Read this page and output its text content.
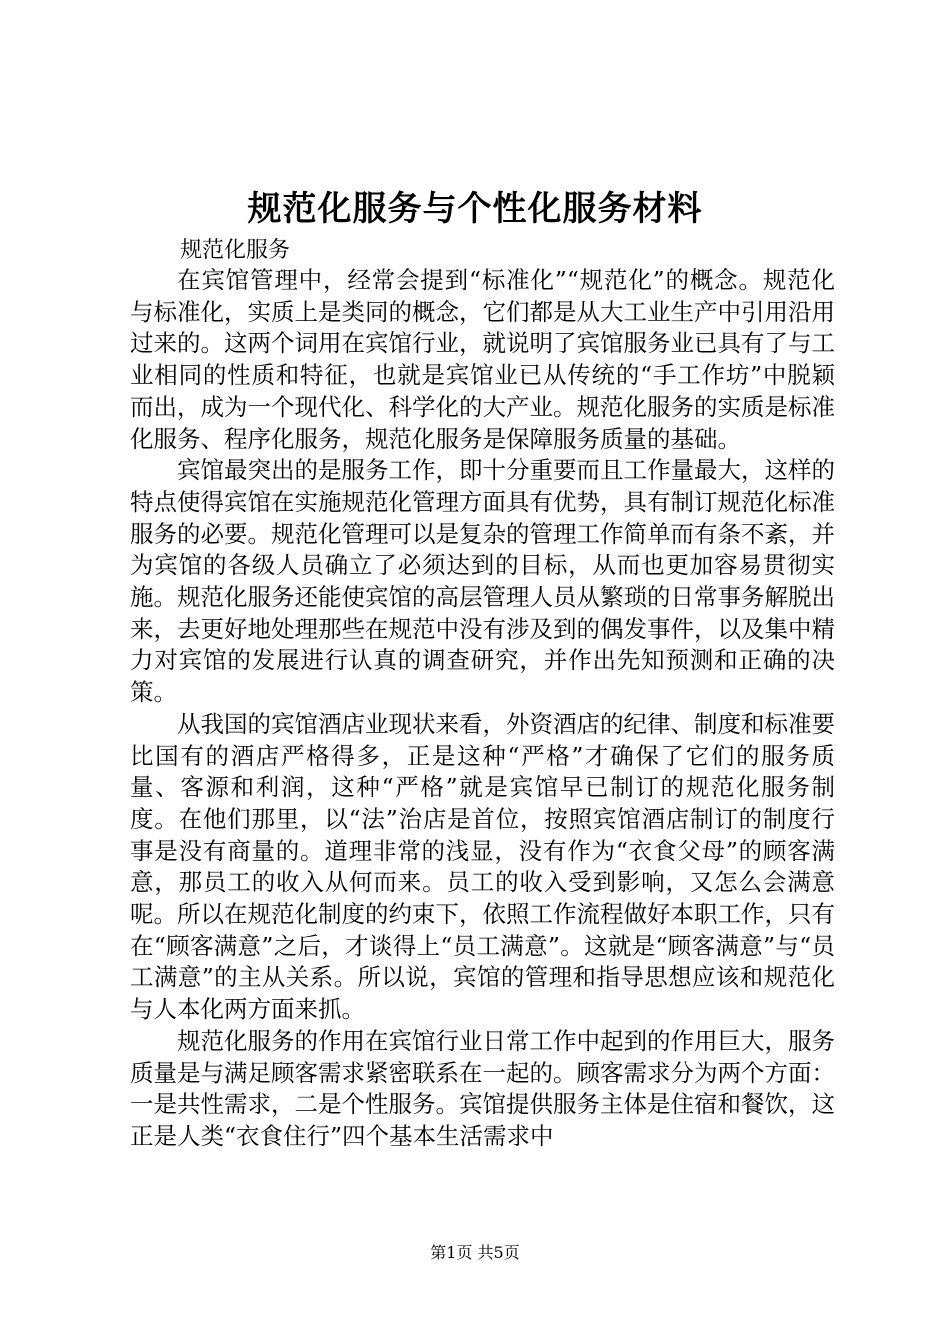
规范化服务与个性化服务材料
规范化服务

在宾馆管理中，经常会提到“标准化”“规范化”的概念。规范化与标准化，实质上是类同的概念，它们都是从大工业生产中引用沿用过来的。这两个词用在宾馆行业，就说明了宾馆服务业已具有了与工业相同的性质和特征，也就是宾馆业已从传统的“手工作坊”中脱颖而出，成为一个现代化、科学化的大产业。规范化服务的实质是标准化服务、程序化服务，规范化服务是保障服务质量的基础。

宾馆最突出的是服务工作，即十分重要而且工作量最大，这样的特点使得宾馆在实施规范化管理方面具有优势，具有制订规范化标准服务的必要。规范化管理可以是复杂的管理工作简单而有条不紊，并为宾馆的各级人员确立了必须达到的目标，从而也更加容易贯彻实施。规范化服务还能使宾馆的高层管理人员从繁琐的日常事务解脱出来，去更好地处理那些在规范中没有涉及到的偶发事件，以及集中精力对宾馆的发展进行认真的调查研究，并作出先知预测和正确的决策。

从我国的宾馆酒店业现状来看，外资酒店的纪律、制度和标准要比国有的酒店严格得多，正是这种“严格”才确保了它们的服务质量、客源和利润，这种“严格”就是宾馆早已制订的规范化服务制度。在他们那里，以“法”治店是首位，按照宾馆酒店制订的制度行事是没有商量的。道理非常的浅显，没有作为“衣食父母”的顾客满意，那员工的收入从何而来。员工的收入受到影响，又怎么会满意呢。所以在规范化制度的约束下，依照工作流程做好本职工作，只有在“顾客满意”之后，才谈得上“员工满意”。这就是“顾客满意”与“员工满意”的主从关系。所以说，宾馆的管理和指导思想应该和规范化与人本化两方面来抓。

规范化服务的作用在宾馆行业日常工作中起到的作用巨大，服务质量是与满足顾客需求紧密联系在一起的。顾客需求分为两个方面：一是共性需求，二是个性服务。宾馆提供服务主体是住宿和餐饮，这正是人类“衣食住行”四个基本生活需求中

第1页 共5页
